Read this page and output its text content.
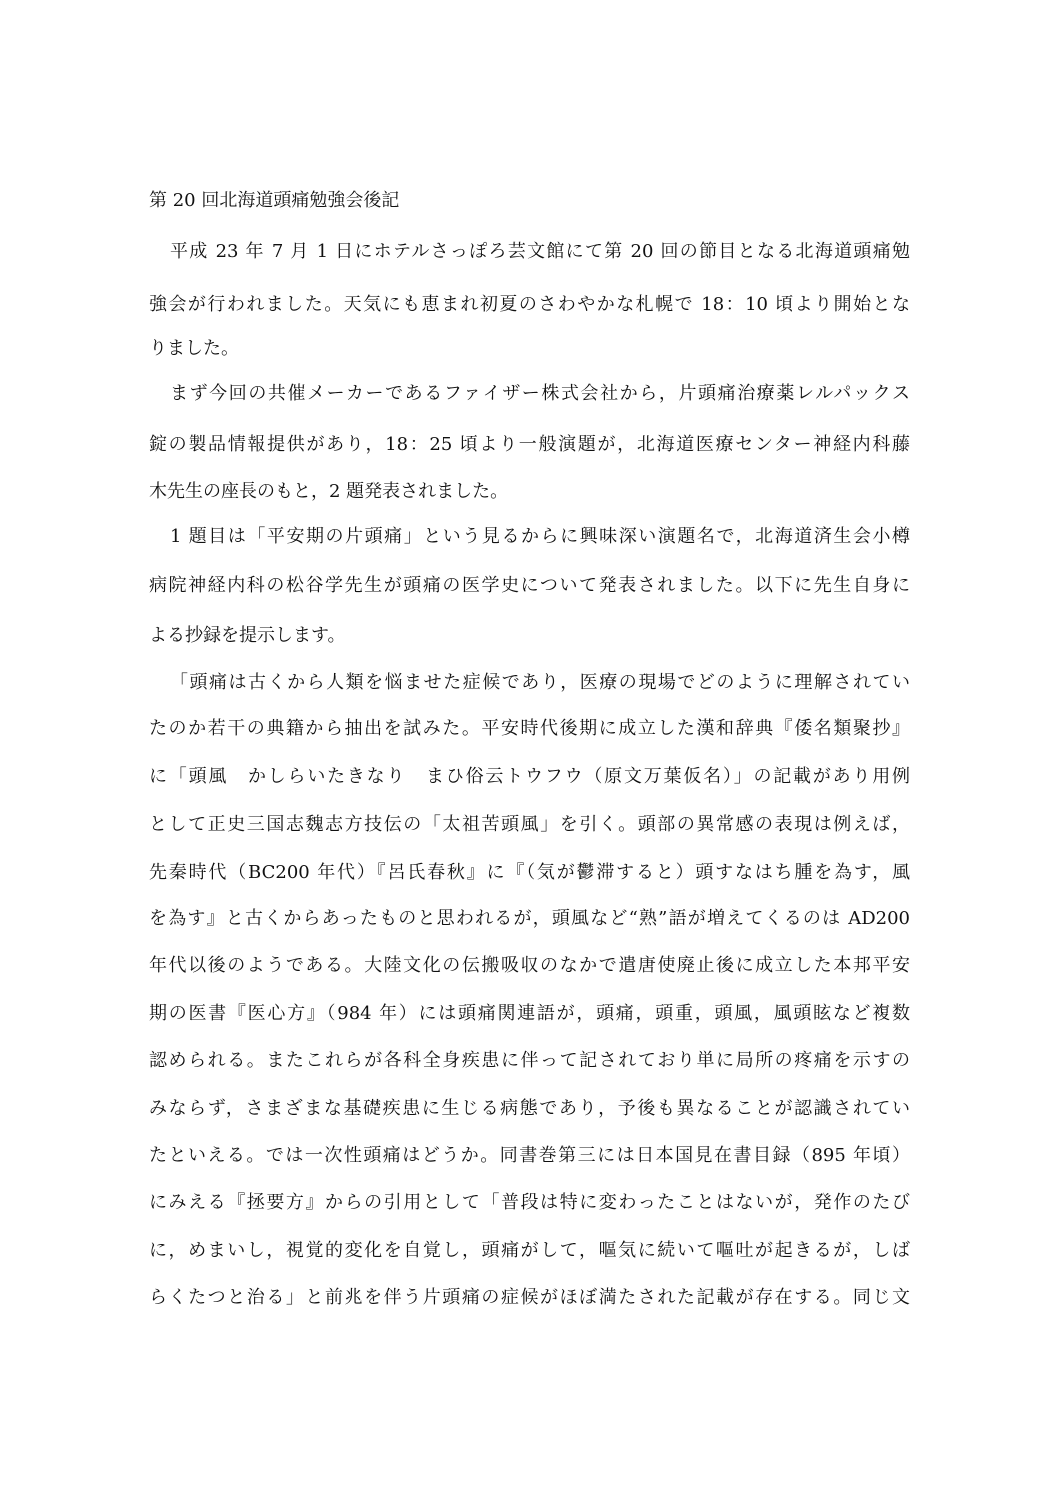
第 20 回北海道頭痛勉強会後記
平成 23 年 7 月 1 日にホテルさっぽろ芸文館にて第 20 回の節目となる北海道頭痛勉
強会が行われました。天気にも恵まれ初夏のさわやかな札幌で 18：10 頃より開始とな
りました。
まず今回の共催メーカーであるファイザー株式会社から，片頭痛治療薬レルパックス
錠の製品情報提供があり，18：25 頃より一般演題が，北海道医療センター神経内科藤
木先生の座長のもと，2 題発表されました。
1 題目は「平安期の片頭痛」という見るからに興味深い演題名で，北海道済生会小樽
病院神経内科の松谷学先生が頭痛の医学史について発表されました。以下に先生自身に
よる抄録を提示します。
「頭痛は古くから人類を悩ませた症候であり，医療の現場でどのように理解されてい
たのか若干の典籍から抽出を試みた。平安時代後期に成立した漢和辞典『倭名類聚抄』
に「頭風　かしらいたきなり　まひ俗云トウフウ（原文万葉仮名）」の記載があり用例
として正史三国志魏志方技伝の「太祖苦頭風」を引く。頭部の異常感の表現は例えば，
先秦時代（BC200 年代）『呂氏春秋』に『（気が鬱滞すると）頭すなはち腫を為す，風
を為す』と古くからあったものと思われるが，頭風など“熟”語が増えてくるのは AD200
年代以後のようである。大陸文化の伝搬吸収のなかで遣唐使廃止後に成立した本邦平安
期の医書『医心方』（984 年）には頭痛関連語が，頭痛，頭重，頭風，風頭眩など複数
認められる。またこれらが各科全身疾患に伴って記されており単に局所の疼痛を示すの
みならず，さまざまな基礎疾患に生じる病態であり，予後も異なることが認識されてい
たといえる。では一次性頭痛はどうか。同書巻第三には日本国見在書目録（895 年頃）
にみえる『拯要方』からの引用として「普段は特に変わったことはないが，発作のたび
に，めまいし，視覚的変化を自覚し，頭痛がして，嘔気に続いて嘔吐が起きるが，しば
らくたつと治る」と前兆を伴う片頭痛の症候がほぼ満たされた記載が存在する。同じ文
